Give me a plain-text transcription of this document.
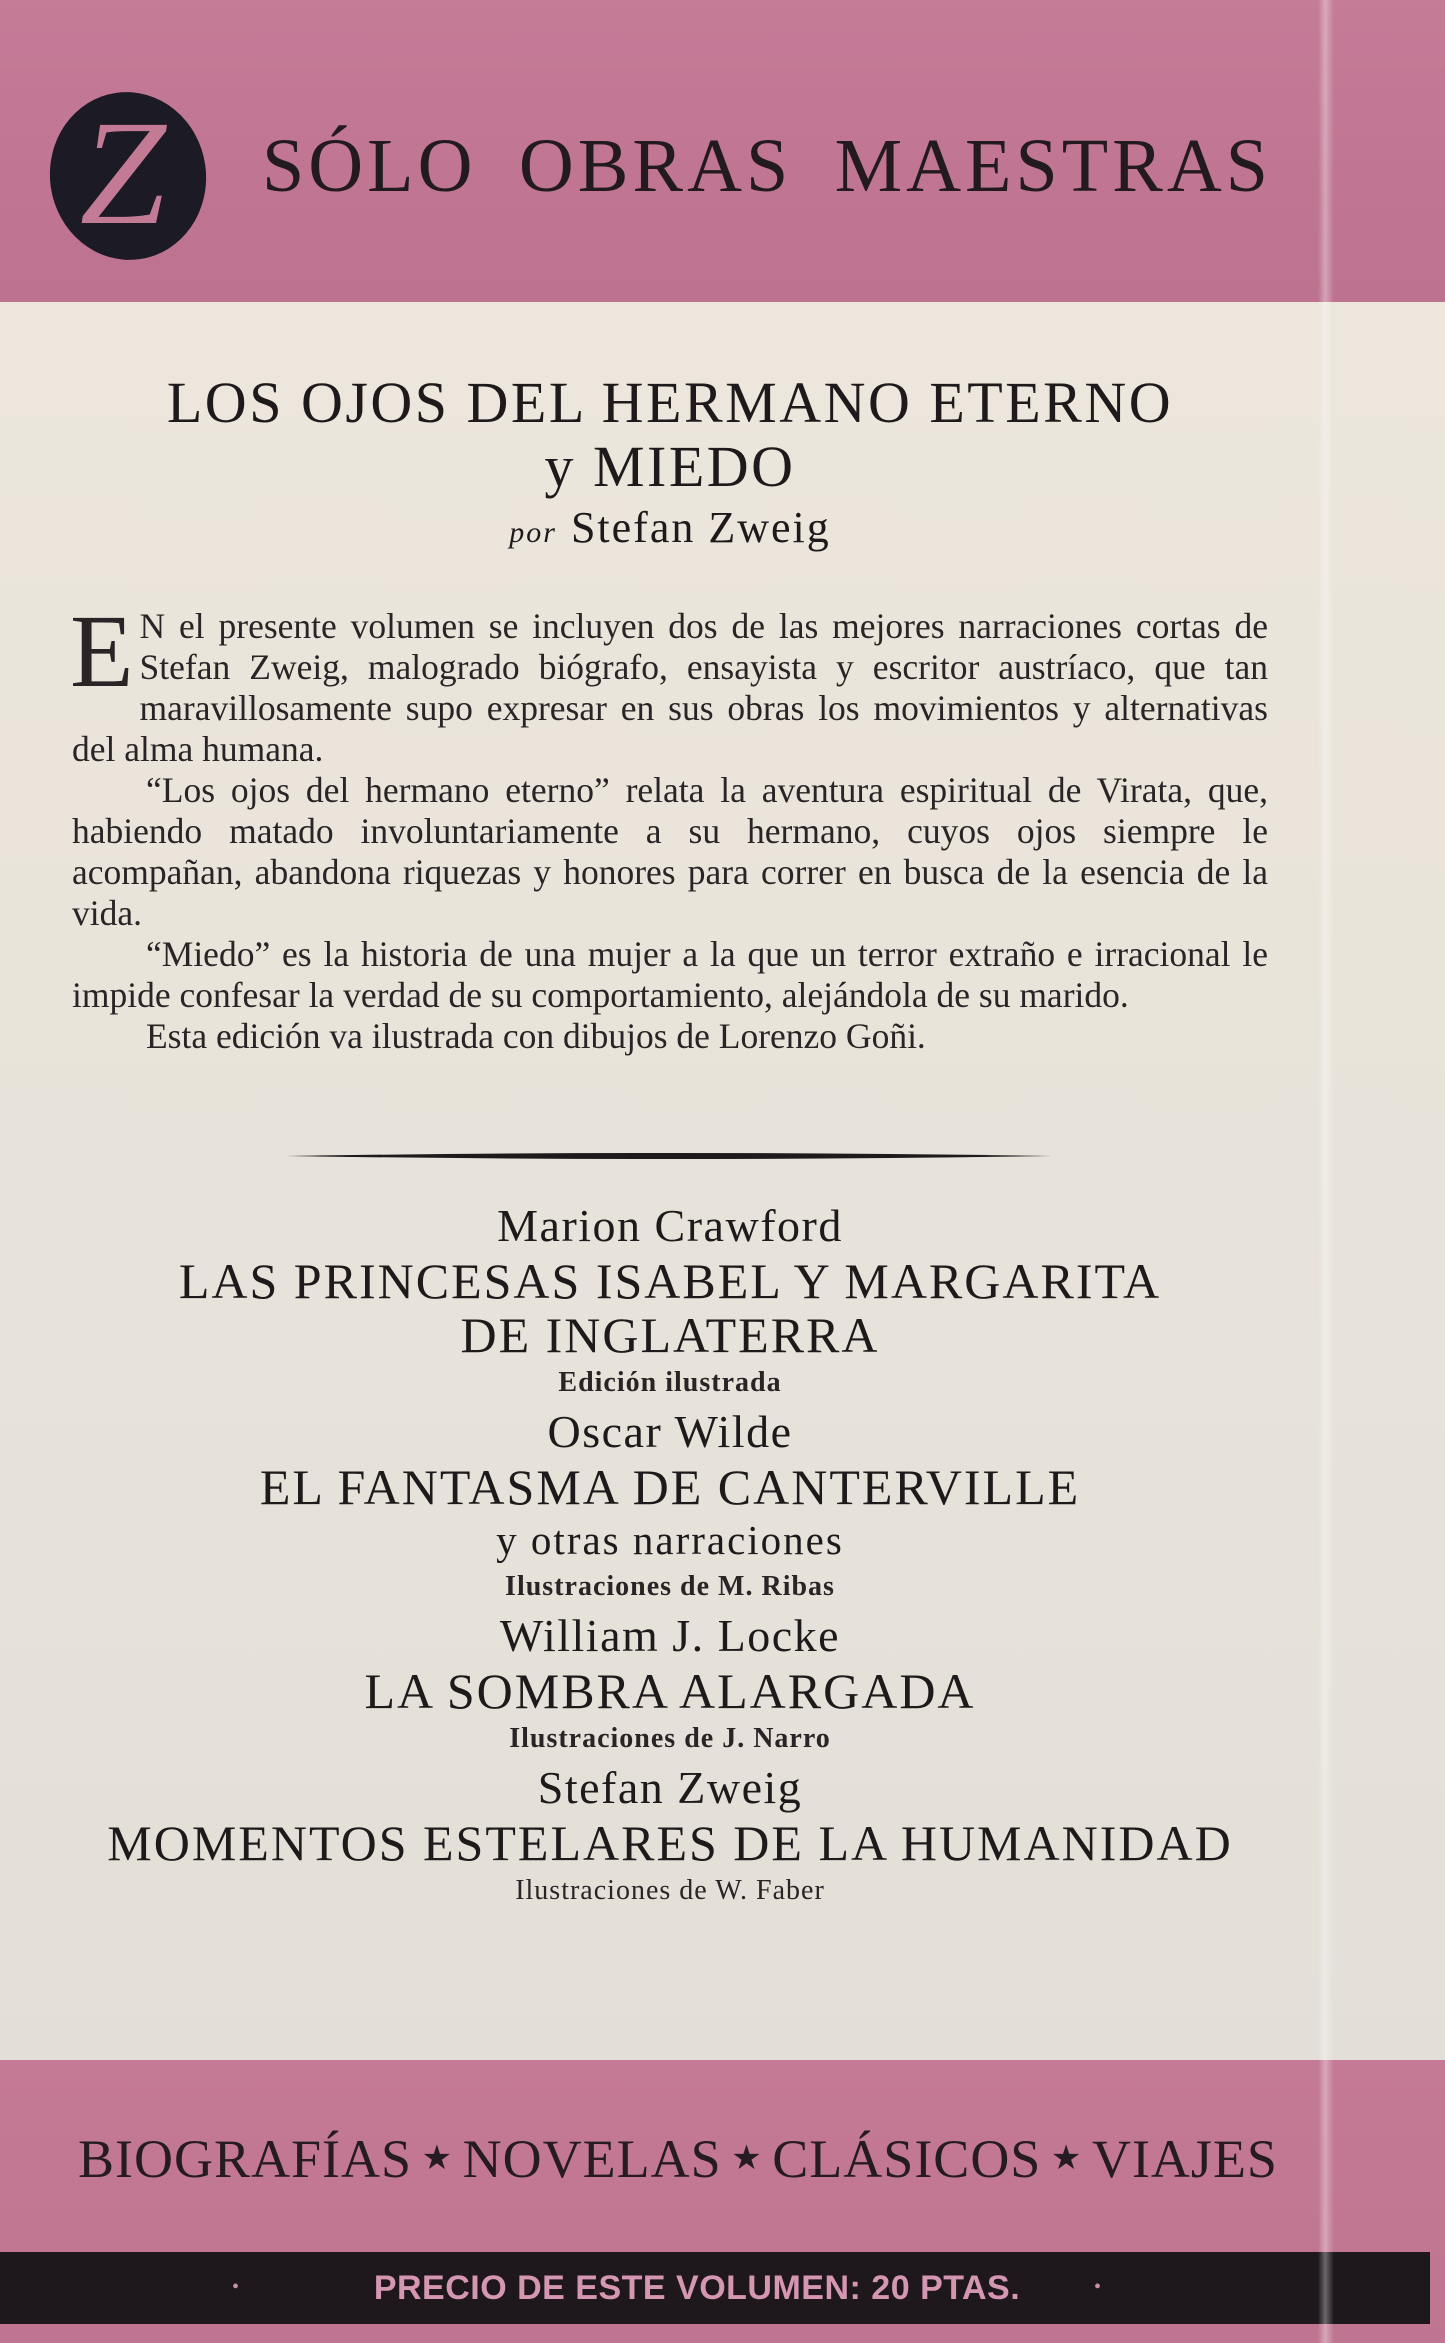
Z SÓLO OBRAS MAESTRAS
LOS OJOS DEL HERMANO ETERNO
y MIEDO
por Stefan Zweig

E N el presente volumen se incluyen dos de las mejores narraciones cortas de Stefan Zweig, malogrado biógrafo, ensayista y escritor austríaco, que tan maravillosamente supo expresar en sus obras los movimientos y alternativas del alma humana.

“Los ojos del hermano eterno” relata la aventura espiritual de Virata, que, habiendo matado involuntariamente a su hermano, cuyos ojos siempre le acompañan, abandona riquezas y honores para correr en busca de la esencia de la vida.

“Miedo” es la historia de una mujer a la que un terror extraño e irracional le impide confesar la verdad de su comportamiento, alejándola de su marido.

Esta edición va ilustrada con dibujos de Lorenzo Goñi.

Marion Crawford
LAS PRINCESAS ISABEL Y MARGARITA
DE INGLATERRA
Edición ilustrada
Oscar Wilde
EL FANTASMA DE CANTERVILLE
y otras narraciones
Ilustraciones de M. Ribas
William J. Locke
LA SOMBRA ALARGADA
Ilustraciones de J. Narro
Stefan Zweig
MOMENTOS ESTELARES DE LA HUMANIDAD
Ilustraciones de W. Faber
BIOGRAFÍAS ★ NOVELAS ★ CLÁSICOS ★ VIAJES
•	PRECIO DE ESTE VOLUMEN: 20 PTAS.	•
